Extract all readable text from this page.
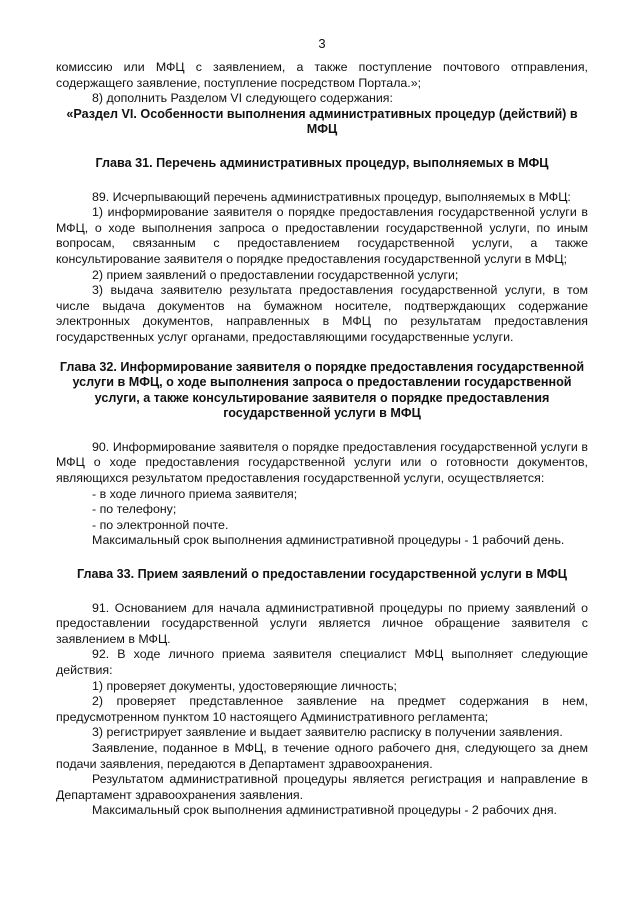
3

комиссию или МФЦ с заявлением, а также поступление почтового отправления, содержащего заявление, поступление посредством Портала.»;

8) дополнить Разделом VI следующего содержания:

«Раздел VI. Особенности выполнения административных процедур (действий) в МФЦ

Глава 31. Перечень административных процедур, выполняемых в МФЦ

89. Исчерпывающий перечень административных процедур, выполняемых в МФЦ:

1) информирование заявителя о порядке предоставления государственной услуги в МФЦ, о ходе выполнения запроса о предоставлении государственной услуги, по иным вопросам, связанным с предоставлением государственной услуги, а также консультирование заявителя о порядке предоставления государственной услуги в МФЦ;

2) прием заявлений о предоставлении государственной услуги;

3) выдача заявителю результата предоставления государственной услуги, в том числе выдача документов на бумажном носителе, подтверждающих содержание электронных документов, направленных в МФЦ по результатам предоставления государственных услуг органами, предоставляющими государственные услуги.

Глава 32. Информирование заявителя о порядке предоставления государственной услуги в МФЦ, о ходе выполнения запроса о предоставлении государственной услуги, а также консультирование заявителя о порядке предоставления государственной услуги в МФЦ

90. Информирование заявителя о порядке предоставления государственной услуги в МФЦ о ходе предоставления государственной услуги или о готовности документов, являющихся результатом предоставления государственной услуги, осуществляется:

- в ходе личного приема заявителя;

- по телефону;

- по электронной почте.

Максимальный срок выполнения административной процедуры - 1 рабочий день.

Глава 33. Прием заявлений о предоставлении государственной услуги в МФЦ

91. Основанием для начала административной процедуры по приему заявлений о предоставлении государственной услуги является личное обращение заявителя с заявлением в МФЦ.

92. В ходе личного приема заявителя специалист МФЦ выполняет следующие действия:

1) проверяет документы, удостоверяющие личность;

2) проверяет представленное заявление на предмет содержания в нем, предусмотренном пунктом 10 настоящего Административного регламента;

3) регистрирует заявление и выдает заявителю расписку в получении заявления.

Заявление, поданное в МФЦ, в течение одного рабочего дня, следующего за днем подачи заявления, передаются в Департамент здравоохранения.

Результатом административной процедуры является регистрация и направление в Департамент здравоохранения заявления.

Максимальный срок выполнения административной процедуры - 2 рабочих дня.
